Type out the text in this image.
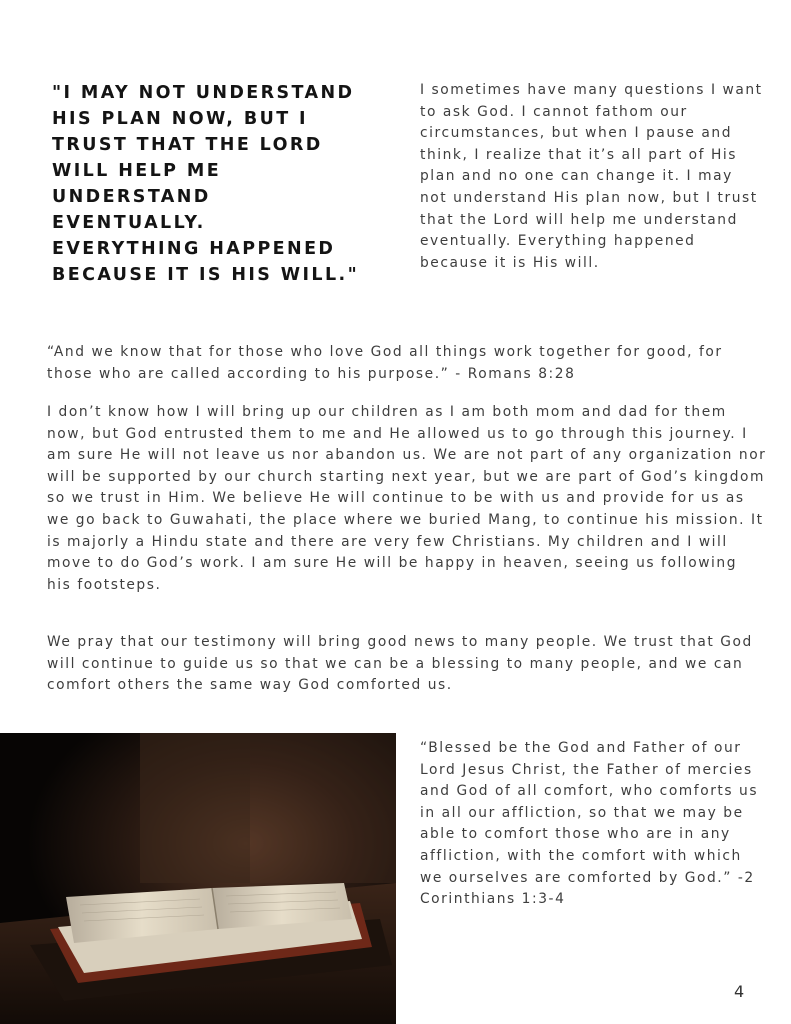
"I MAY NOT UNDERSTAND HIS PLAN NOW, BUT I TRUST THAT THE LORD WILL HELP ME UNDERSTAND EVENTUALLY. EVERYTHING HAPPENED BECAUSE IT IS HIS WILL."

I sometimes have many questions I want to ask God. I cannot fathom our circumstances, but when I pause and think, I realize that it’s all part of His plan and no one can change it. I may not understand His plan now, but I trust that the Lord will help me understand eventually. Everything happened because it is His will.

“And we know that for those who love God all things work together for good, for those who are called according to his purpose.” - Romans 8:28

I don’t know how I will bring up our children as I am both mom and dad for them now, but God entrusted them to me and He allowed us to go through this journey. I am sure He will not leave us nor abandon us. We are not part of any organization nor will be supported by our church starting next year, but we are part of God’s kingdom so we trust in Him. We believe He will continue to be with us and provide for us as we go back to Guwahati, the place where we buried Mang, to continue his mission. It is majorly a Hindu state and there are very few Christians. My children and I will move to do God’s work. I am sure He will be happy in heaven, seeing us following his footsteps.

We pray that our testimony will bring good news to many people. We trust that God will continue to guide us so that we can be a blessing to many people, and we can comfort others the same way God comforted us.

“Blessed be the God and Father of our Lord Jesus Christ, the Father of mercies and God of all comfort, who comforts us in all our affliction, so that we may be able to comfort those who are in any affliction, with the comfort with which we ourselves are comforted by God.” -2 Corinthians 1:3-4

4
